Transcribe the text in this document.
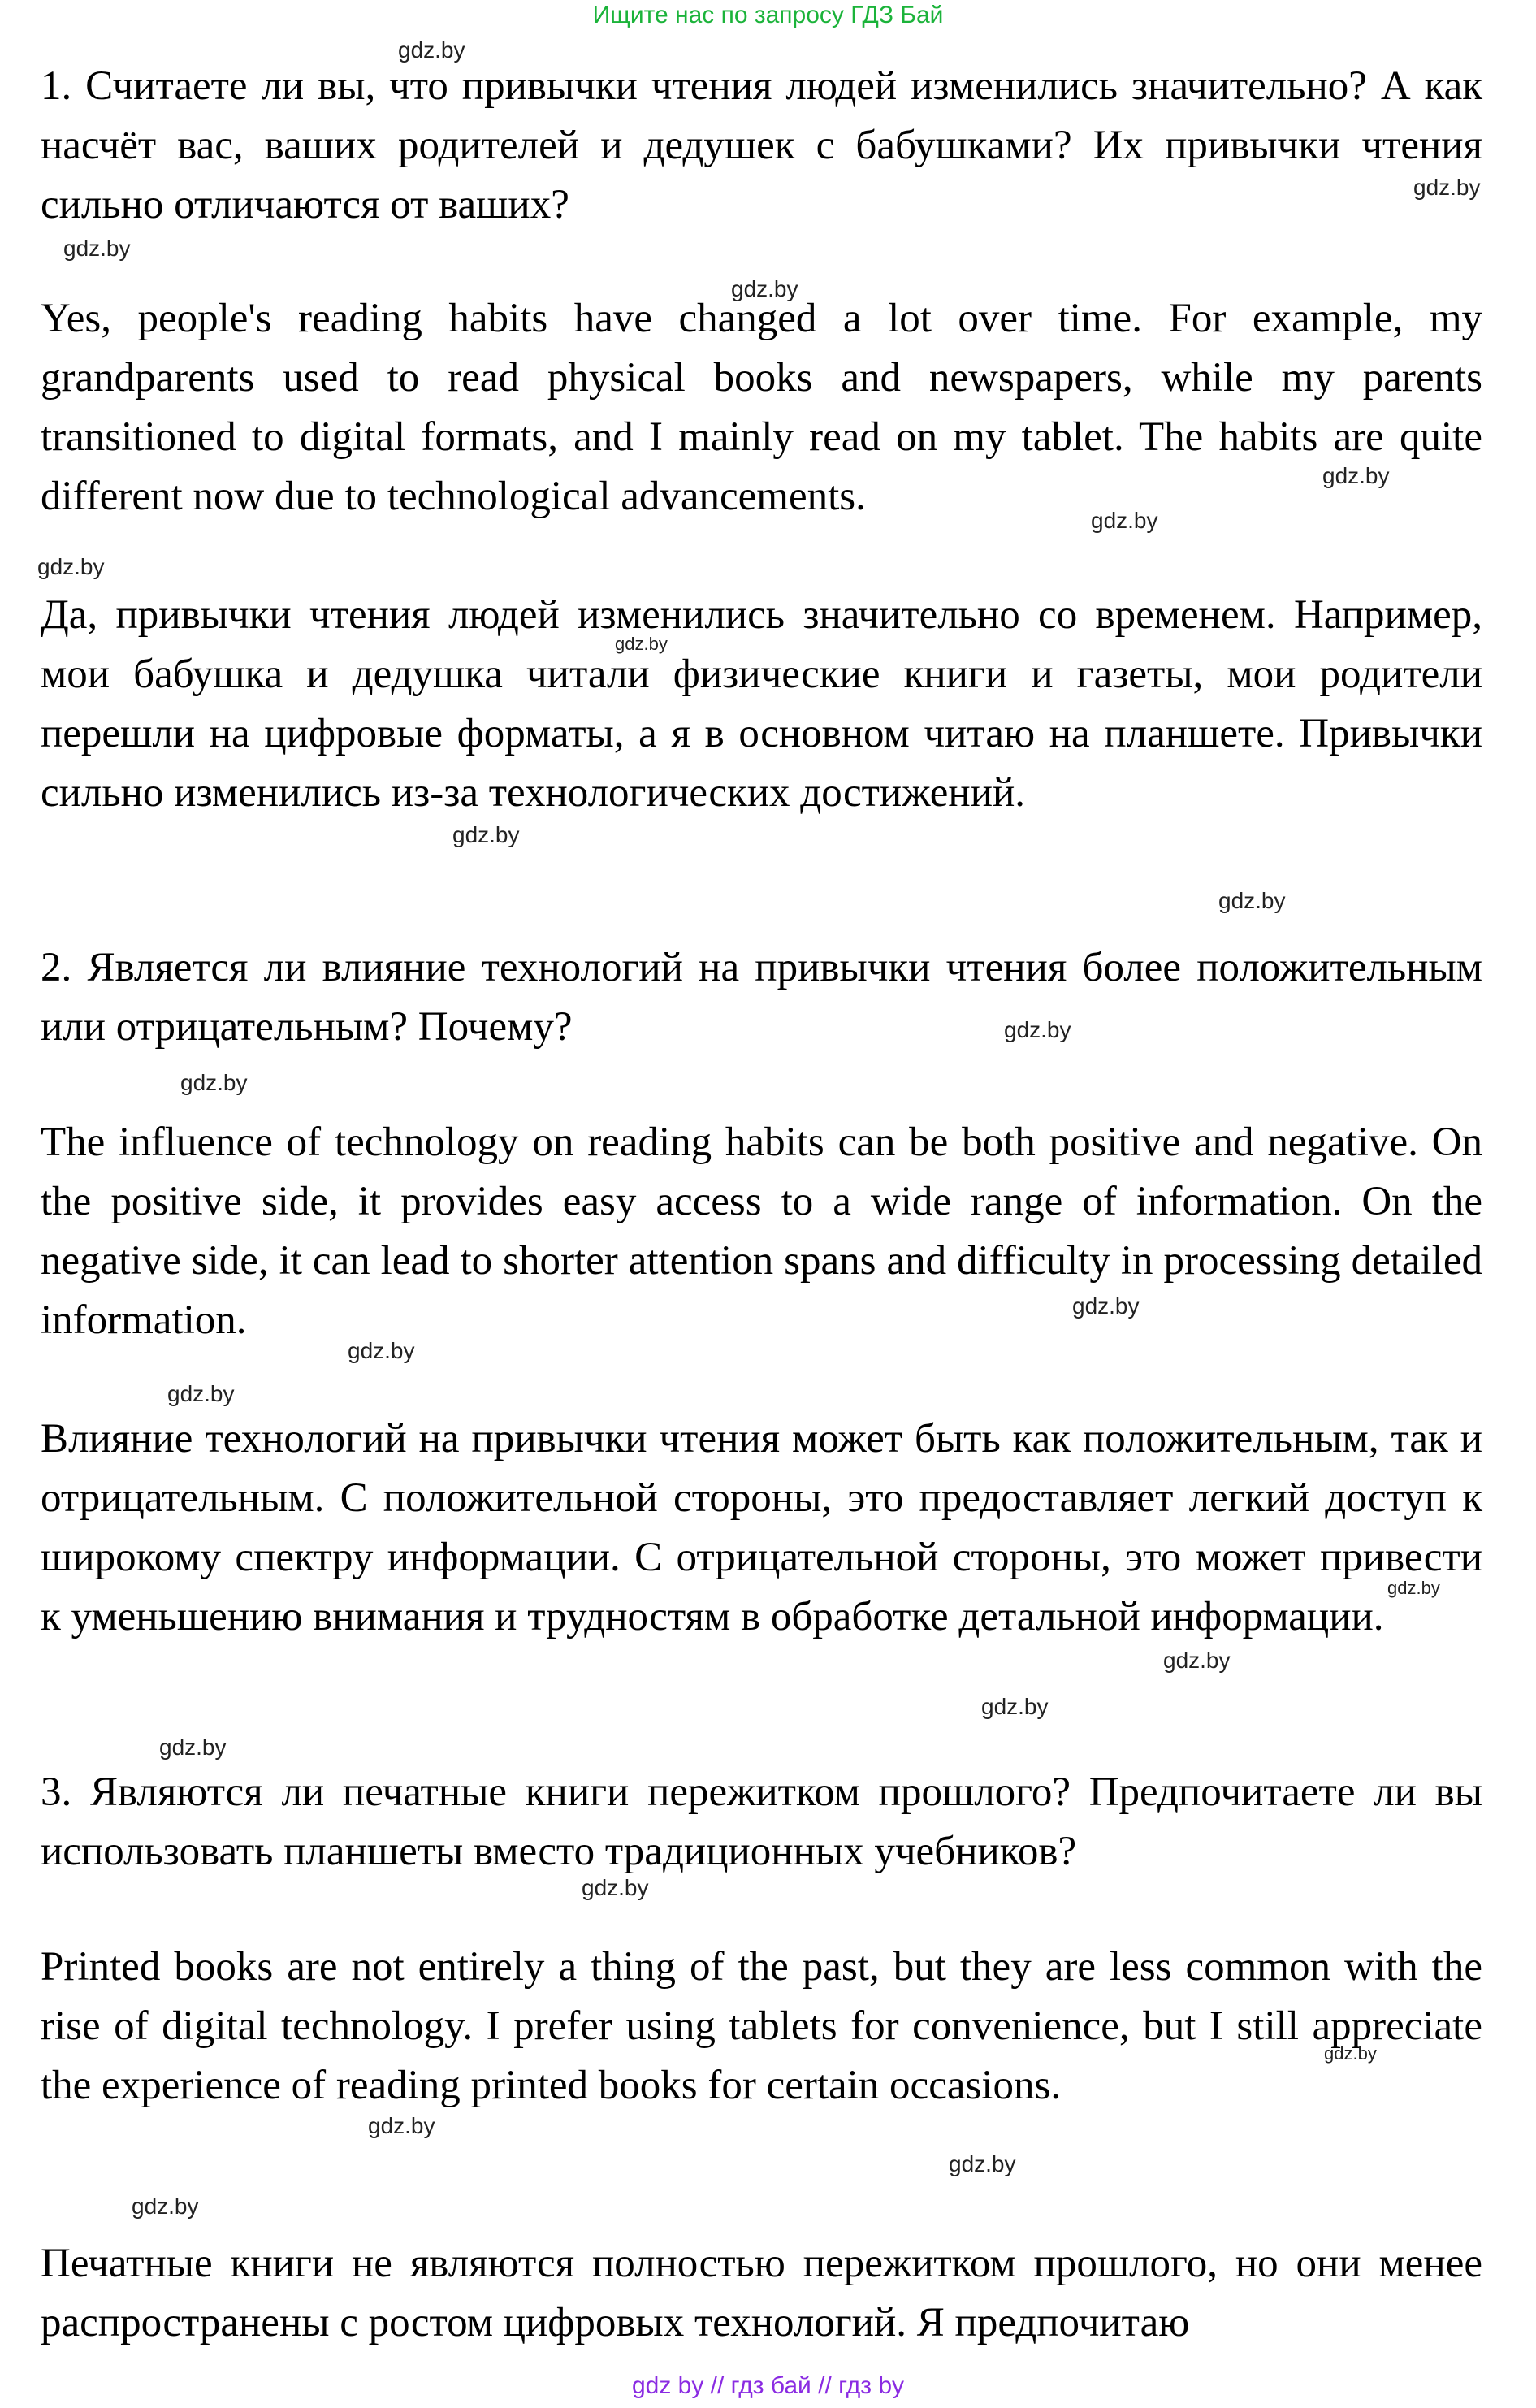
Ищите нас по запросу ГДЗ Бай

1. Считаете ли вы, что привычки чтения людей изменились значительно? А как насчёт вас, ваших родителей и дедушек с бабушками? Их привычки чтения сильно отличаются от ваших?

Yes, people's reading habits have changed a lot over time. For example, my grandparents used to read physical books and newspapers, while my parents transitioned to digital formats, and I mainly read on my tablet. The habits are quite different now due to technological advancements.

Да, привычки чтения людей изменились значительно со временем. Например, мои бабушка и дедушка читали физические книги и газеты, мои родители перешли на цифровые форматы, а я в основном читаю на планшете. Привычки сильно изменились из-за технологических достижений.

2. Является ли влияние технологий на привычки чтения более положительным или отрицательным? Почему?

The influence of technology on reading habits can be both positive and negative. On the positive side, it provides easy access to a wide range of information. On the negative side, it can lead to shorter attention spans and difficulty in processing detailed information.

Влияние технологий на привычки чтения может быть как положительным, так и отрицательным. С положительной стороны, это предоставляет легкий доступ к широкому спектру информации. С отрицательной стороны, это может привести к уменьшению внимания и трудностям в обработке детальной информации.

3. Являются ли печатные книги пережитком прошлого? Предпочитаете ли вы использовать планшеты вместо традиционных учебников?

Printed books are not entirely a thing of the past, but they are less common with the rise of digital technology. I prefer using tablets for convenience, but I still appreciate the experience of reading printed books for certain occasions.

Печатные книги не являются полностью пережитком прошлого, но они менее распространены с ростом цифровых технологий. Я предпочитаю

gdz.by
gdz.by
gdz.by
gdz.by
gdz.by
gdz.by
gdz.by
gdz.by
gdz.by
gdz.by
gdz.by
gdz.by
gdz.by
gdz.by
gdz.by
gdz.by
gdz.by
gdz.by
gdz.by
gdz.by
gdz.by
gdz.by
gdz.by
gdz.by
gdz by // гдз бай // гдз by
